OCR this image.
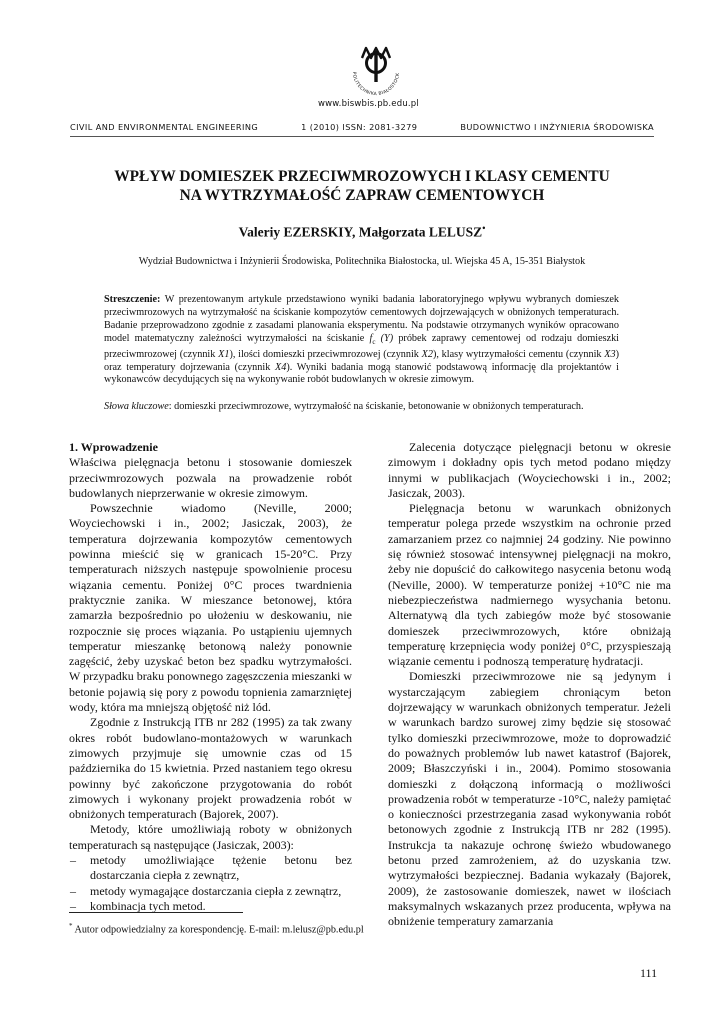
POLITECHNIKA BIAŁOSTOCK
www.biswbis.pb.edu.pl
CIVIL AND ENVIRONMENTAL ENGINEERING	1 (2010) ISSN: 2081-3279	BUDOWNICTWO I INŻYNIERIA ŚRODOWISKA
WPŁYW DOMIESZEK PRZECIWMROZOWYCH I KLASY CEMENTU
NA WYTRZYMAŁOŚĆ ZAPRAW CEMENTOWYCH
Valeriy EZERSKIY, Małgorzata LELUSZ•
Wydział Budownictwa i Inżynierii Środowiska, Politechnika Białostocka, ul. Wiejska 45 A, 15-351 Białystok

Streszczenie: W prezentowanym artykule przedstawiono wyniki badania laboratoryjnego wpływu wybranych domieszek przeciwmrozowych na wytrzymałość na ściskanie kompozytów cementowych dojrzewających w obniżonych temperaturach. Badanie przeprowadzono zgodnie z zasadami planowania eksperymentu. Na podstawie otrzymanych wyników opracowano model matematyczny zależności wytrzymałości na ściskanie $f_c$ (Y) próbek zaprawy cementowej od rodzaju domieszki przeciwmrozowej (czynnik X1), ilości domieszki przeciwmrozowej (czynnik X2), klasy wytrzymałości cementu (czynnik X3) oraz temperatury dojrzewania (czynnik X4). Wyniki badania mogą stanowić podstawową informację dla projektantów i wykonawców decydujących się na wykonywanie robót budowlanych w okresie zimowym.

Słowa kluczowe: domieszki przeciwmrozowe, wytrzymałość na ściskanie, betonowanie w obniżonych temperaturach.

1. Wprowadzenie

Właściwa pielęgnacja betonu i stosowanie domieszek przeciwmrozowych pozwala na prowadzenie robót budowlanych nieprzerwanie w okresie zimowym.

Powszechnie wiadomo (Neville, 2000; Woyciechowski i in., 2002; Jasiczak, 2003), że temperatura dojrzewania kompozytów cementowych powinna mieścić się w granicach 15-20°C. Przy temperaturach niższych następuje spowolnienie procesu wiązania cementu. Poniżej 0°C proces twardnienia praktycznie zanika. W mieszance betonowej, która zamarzła bezpośrednio po ułożeniu w deskowaniu, nie rozpocznie się proces wiązania. Po ustąpieniu ujemnych temperatur mieszankę betonową należy ponownie zagęścić, żeby uzyskać beton bez spadku wytrzymałości. W przypadku braku ponownego zagęszczenia mieszanki w betonie pojawią się pory z powodu topnienia zamarzniętej wody, która ma mniejszą objętość niż lód.

Zgodnie z Instrukcją ITB nr 282 (1995) za tak zwany okres robót budowlano-montażowych w warunkach zimowych przyjmuje się umownie czas od 15 października do 15 kwietnia. Przed nastaniem tego okresu powinny być zakończone przygotowania do robót zimowych i wykonany projekt prowadzenia robót w obniżonych temperaturach (Bajorek, 2007).

Metody, które umożliwiają roboty w obniżonych temperaturach są następujące (Jasiczak, 2003):

– metody umożliwiające tężenie betonu bez dostarczania ciepła z zewnątrz,
– metody wymagające dostarczania ciepła z zewnątrz,
– kombinacja tych metod.

Zalecenia dotyczące pielęgnacji betonu w okresie zimowym i dokładny opis tych metod podano między innymi w publikacjach (Woyciechowski i in., 2002; Jasiczak, 2003).

Pielęgnacja betonu w warunkach obniżonych temperatur polega przede wszystkim na ochronie przed zamarzaniem przez co najmniej 24 godziny. Nie powinno się również stosować intensywnej pielęgnacji na mokro, żeby nie dopuścić do całkowitego nasycenia betonu wodą (Neville, 2000). W temperaturze poniżej +10°C nie ma niebezpieczeństwa nadmiernego wysychania betonu. Alternatywą dla tych zabiegów może być stosowanie domieszek przeciwmrozowych, które obniżają temperaturę krzepnięcia wody poniżej 0°C, przyspieszają wiązanie cementu i podnoszą temperaturę hydratacji.

Domieszki przeciwmrozowe nie są jedynym i wystarczającym zabiegiem chroniącym beton dojrzewający w warunkach obniżonych temperatur. Jeżeli w warunkach bardzo surowej zimy będzie się stosować tylko domieszki przeciwmrozowe, może to doprowadzić do poważnych problemów lub nawet katastrof (Bajorek, 2009; Błaszczyński i in., 2004). Pomimo stosowania domieszki z dołączoną informacją o możliwości prowadzenia robót w temperaturze -10°C, należy pamiętać o konieczności przestrzegania zasad wykonywania robót betonowych zgodnie z Instrukcją ITB nr 282 (1995). Instrukcja ta nakazuje ochronę świeżo wbudowanego betonu przed zamrożeniem, aż do uzyskania tzw. wytrzymałości bezpiecznej. Badania wykazały (Bajorek, 2009), że zastosowanie domieszek, nawet w ilościach maksymalnych wskazanych przez producenta, wpływa na obniżenie temperatury zamarzania

* Autor odpowiedzialny za korespondencję. E-mail: m.lelusz@pb.edu.pl
111
